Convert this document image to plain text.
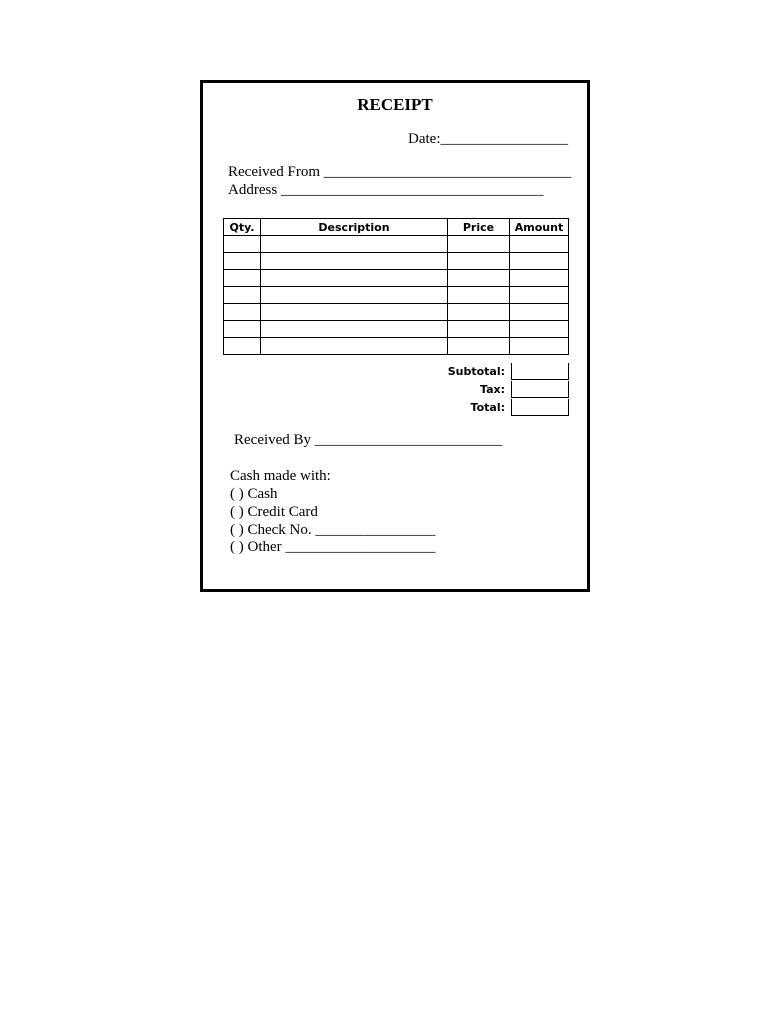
RECEIPT
Date:_________________
Received From _________________________________
Address ___________________________________
Qty.	Description	Price	Amount

Subtotal:
Tax:
Total:
Received By _________________________
Cash made with:
( ) Cash
( ) Credit Card
( ) Check No. ________________
( ) Other ____________________
